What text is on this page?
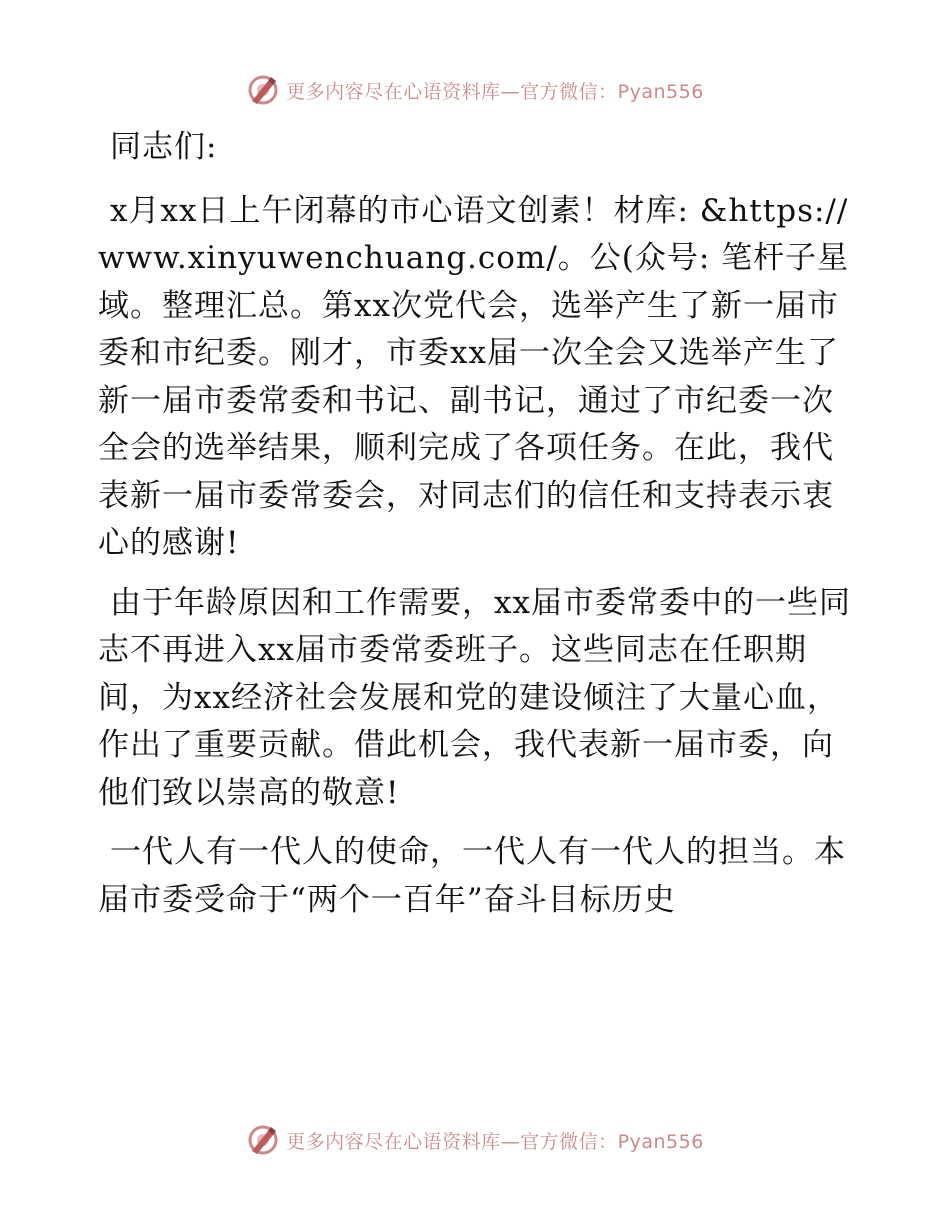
更多内容尽在心语资料库—官方微信：Pyan556

同志们:

x月xx日上午闭幕的市心语文创素！材库: &https://www.xinyuwenchuang.com/。公(众号: 笔杆子星域。整理汇总。第xx次党代会，选举产生了新一届市委和市纪委。刚才，市委xx届一次全会又选举产生了新一届市委常委和书记、副书记，通过了市纪委一次全会的选举结果，顺利完成了各项任务。在此，我代表新一届市委常委会，对同志们的信任和支持表示衷心的感谢!

由于年龄原因和工作需要，xx届市委常委中的一些同志不再进入xx届市委常委班子。这些同志在任职期间，为xx经济社会发展和党的建设倾注了大量心血，作出了重要贡献。借此机会，我代表新一届市委，向他们致以崇高的敬意!

一代人有一代人的使命，一代人有一代人的担当。本届市委受命于“两个一百年”奋斗目标历史

更多内容尽在心语资料库—官方微信：Pyan556
